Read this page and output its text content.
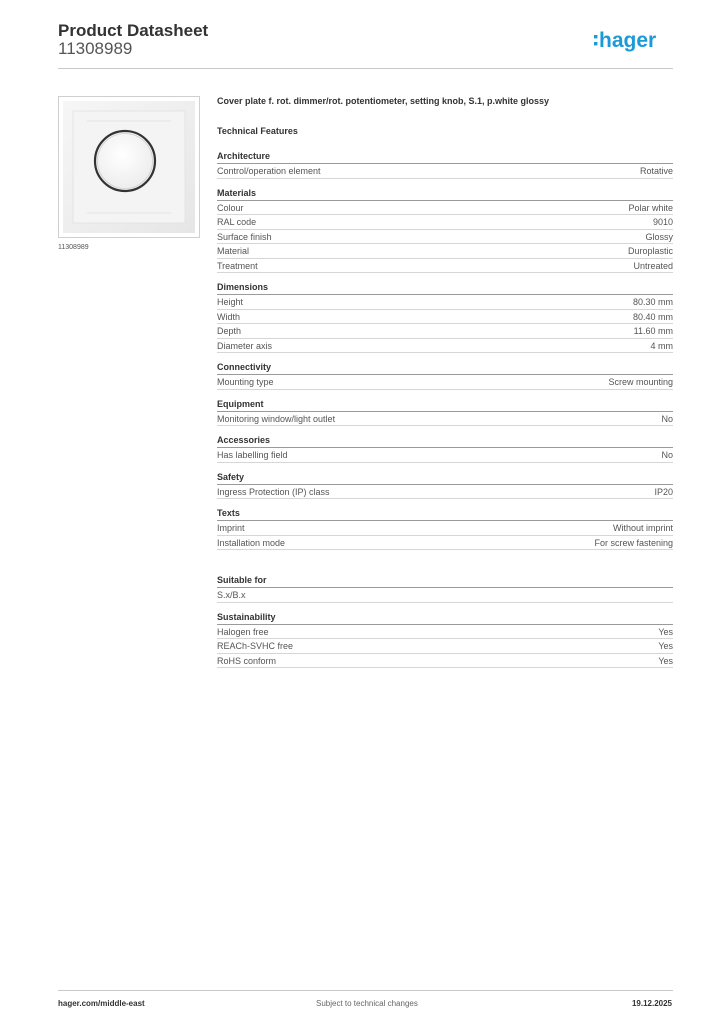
Product Datasheet
11308989	hager
11308989
Cover plate f. rot. dimmer/rot. potentiometer, setting knob, S.1, p.white glossy
Technical Features
Architecture
Control/operation element	Rotative
Materials
Colour	Polar white
RAL code	9010
Surface finish	Glossy
Material	Duroplastic
Treatment	Untreated
Dimensions
Height	80.30 mm
Width	80.40 mm
Depth	11.60 mm
Diameter axis	4 mm
Connectivity
Mounting type	Screw mounting
Equipment
Monitoring window/light outlet	No
Accessories
Has labelling field	No
Safety
Ingress Protection (IP) class	IP20
Texts
Imprint	Without imprint
Installation mode	For screw fastening
Suitable for
S.x/B.x
Sustainability
Halogen free	Yes
REACh-SVHC free	Yes
RoHS conform	Yes
hager.com/middle-east	Subject to technical changes	19.12.2025
